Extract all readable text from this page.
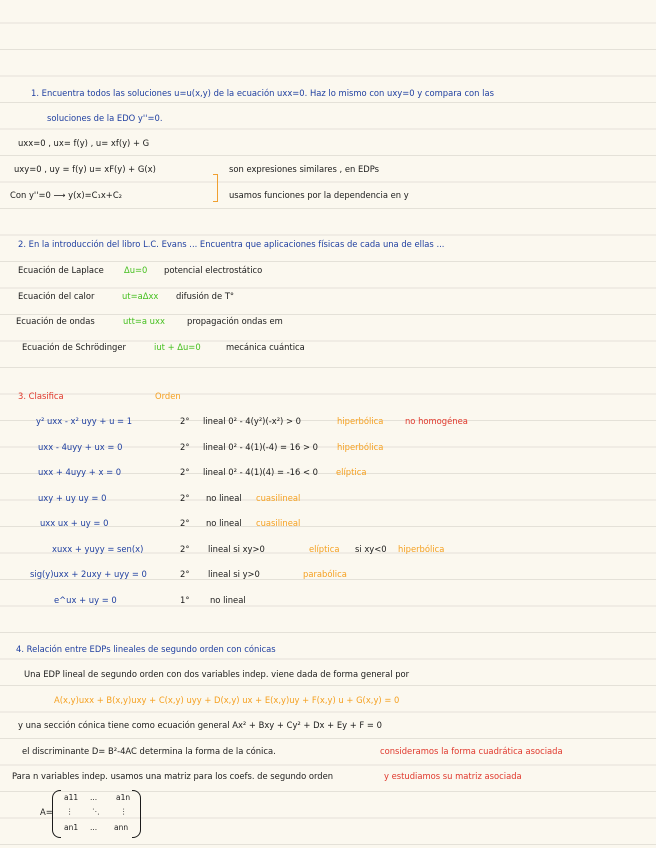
1. Encuentra todos las soluciones u=u(x,y) de la ecuación uxx=0. Haz lo mismo con uxy=0 y compara con las
soluciones de la EDO y''=0.
uxx=0 , ux= f(y) , u= xf(y) + G
uxy=0 , uy = f(y) u= xF(y) + G(x)
Con y''=0 ⟶ y(x)=C₁x+C₂
son expresiones similares , en EDPs
usamos funciones por la dependencia en y
2. En la introducción del libro L.C. Evans ... Encuentra que aplicaciones físicas de cada una de ellas ...
Ecuación de Laplace Δu=0 potencial electrostático
Ecuación del calor	ut=aΔxx difusión de T°
Ecuación de ondas	utt=a uxx	propagación ondas em
Ecuación de Schrödinger	iut + Δu=0	mecánica cuántica
3. Clasifica	Orden
y² uxx - x² uyy + u = 1	2° lineal 0² - 4(y²)(-x²) > 0	hiperbólica	no homogénea
uxx - 4uyy + ux = 0	2° lineal 0² - 4(1)(-4) = 16 > 0 hiperbólica
uxx + 4uyy + x = 0	2° lineal 0² - 4(1)(4) = -16 < 0 elíptica
uxy + uy uy = 0	2° no lineal cuasilineal
uxx ux + uy = 0	2° no lineal cuasilineal
xuxx + yuyy = sen(x)	2° lineal si xy>0	elíptica si xy<0 hiperbólica
sig(y)uxx + 2uxy + uyy = 0	2° lineal si y>0	parabólica
e^ux + uy = 0	1° no lineal
4. Relación entre EDPs lineales de segundo orden con cónicas
Una EDP lineal de segundo orden con dos variables indep. viene dada de forma general por
A(x,y)uxx + B(x,y)uxy + C(x,y) uyy + D(x,y) ux + E(x,y)uy + F(x,y) u + G(x,y) = 0
y una sección cónica tiene como ecuación general Ax² + Bxy + Cy² + Dx + Ey + F = 0
el discriminante D= B²-4AC determina la forma de la cónica.	consideramos la forma cuadrática asociada
Para n variables indep. usamos una matriz para los coefs. de segundo orden	y estudiamos su matriz asociada
A=
a11 ...	a1n
⋮ ⋱	⋮
an1 ... ann
